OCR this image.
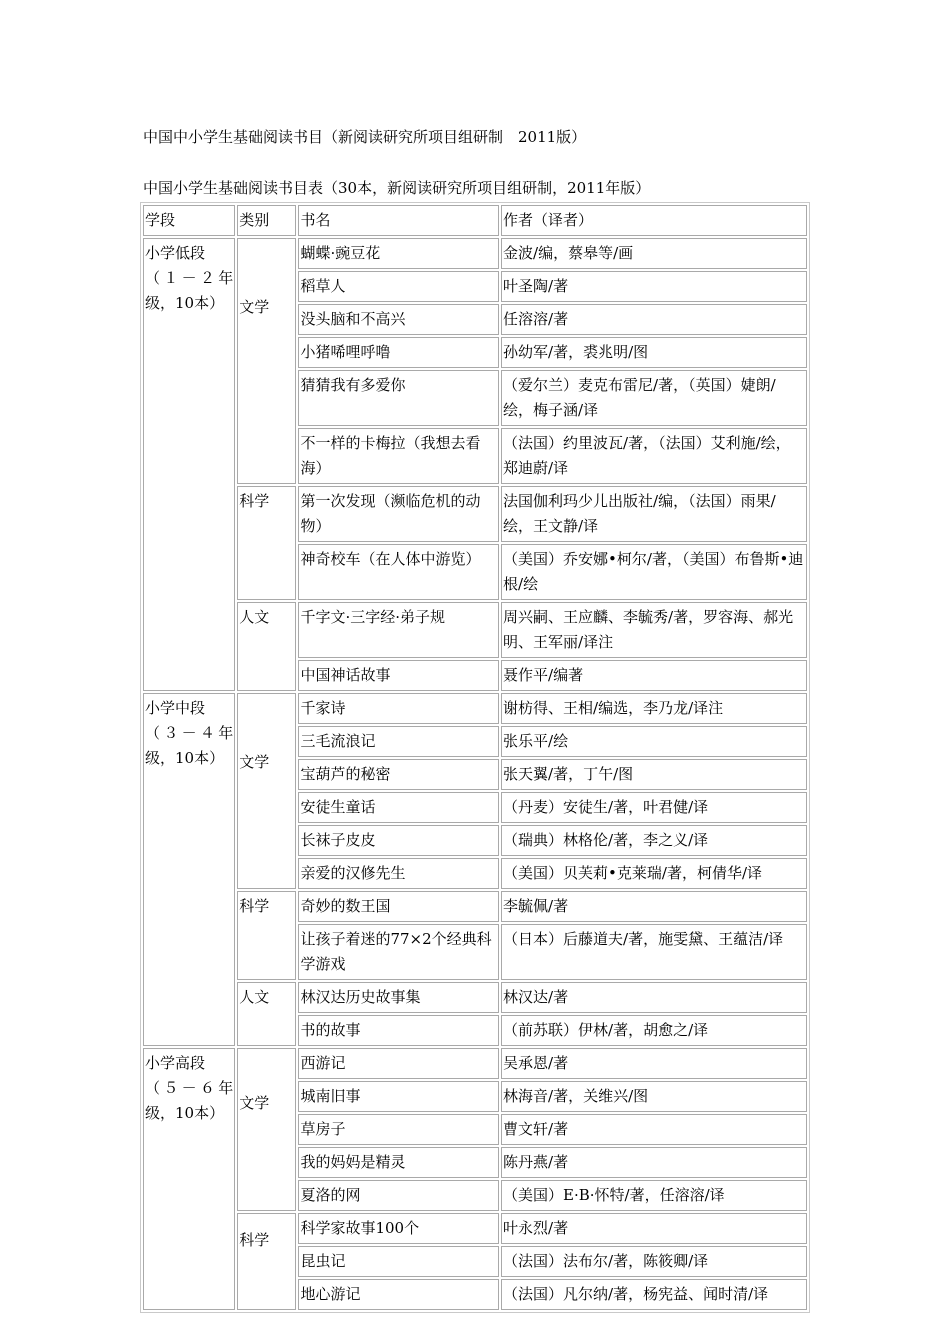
中国中小学生基础阅读书目（新阅读研究所项目组研制　2011版）
中国小学生基础阅读书目表（30本，新阅读研究所项目组研制，2011年版）
学段	类别	书名	作者（译者）

小学低段
（１－２年
级，10本）	文学	蝴蝶·豌豆花	金波/编，蔡皋等/画
		稻草人	叶圣陶/著
		没头脑和不高兴	任溶溶/著
		小猪唏哩呼噜	孙幼军/著，裘兆明/图
		猜猜我有多爱你	（爱尔兰）麦克布雷尼/著，（英国）婕朗/绘，梅子涵/译
		不一样的卡梅拉（我想去看海）	（法国）约里波瓦/著，（法国）艾利施/绘，郑迪蔚/译

	科学	第一次发现（濒临危机的动物）	法国伽利玛少儿出版社/编，（法国）雨果/绘，王文静/译
		神奇校车（在人体中游览）	（美国）乔安娜•柯尔/著，（美国）布鲁斯•迪根/绘

	人文	千字文·三字经·弟子规	周兴嗣、王应麟、李毓秀/著，罗容海、郝光明、王军丽/译注
		中国神话故事	聂作平/编著

小学中段
（３－４年
级，10本）	文学	千家诗	谢枋得、王相/编选，李乃龙/译注
		三毛流浪记	张乐平/绘
		宝葫芦的秘密	张天翼/著，丁午/图
		安徒生童话	（丹麦）安徒生/著，叶君健/译
		长袜子皮皮	（瑞典）林格伦/著，李之义/译
		亲爱的汉修先生	（美国）贝芙莉•克莱瑞/著，柯倩华/译

	科学	奇妙的数王国	李毓佩/著
		让孩子着迷的77×2个经典科学游戏	（日本）后藤道夫/著，施雯黛、王蕴洁/译

	人文	林汉达历史故事集	林汉达/著
		书的故事	（前苏联）伊林/著，胡愈之/译

小学高段
（５－６年
级，10本）	文学	西游记	吴承恩/著
		城南旧事	林海音/著，关维兴/图
		草房子	曹文轩/著
		我的妈妈是精灵	陈丹燕/著
		夏洛的网	（美国）E·B·怀特/著，任溶溶/译

	科学	科学家故事100个	叶永烈/著
		昆虫记	（法国）法布尔/著，陈筱卿/译
		地心游记	（法国）凡尔纳/著，杨宪益、闻时清/译
